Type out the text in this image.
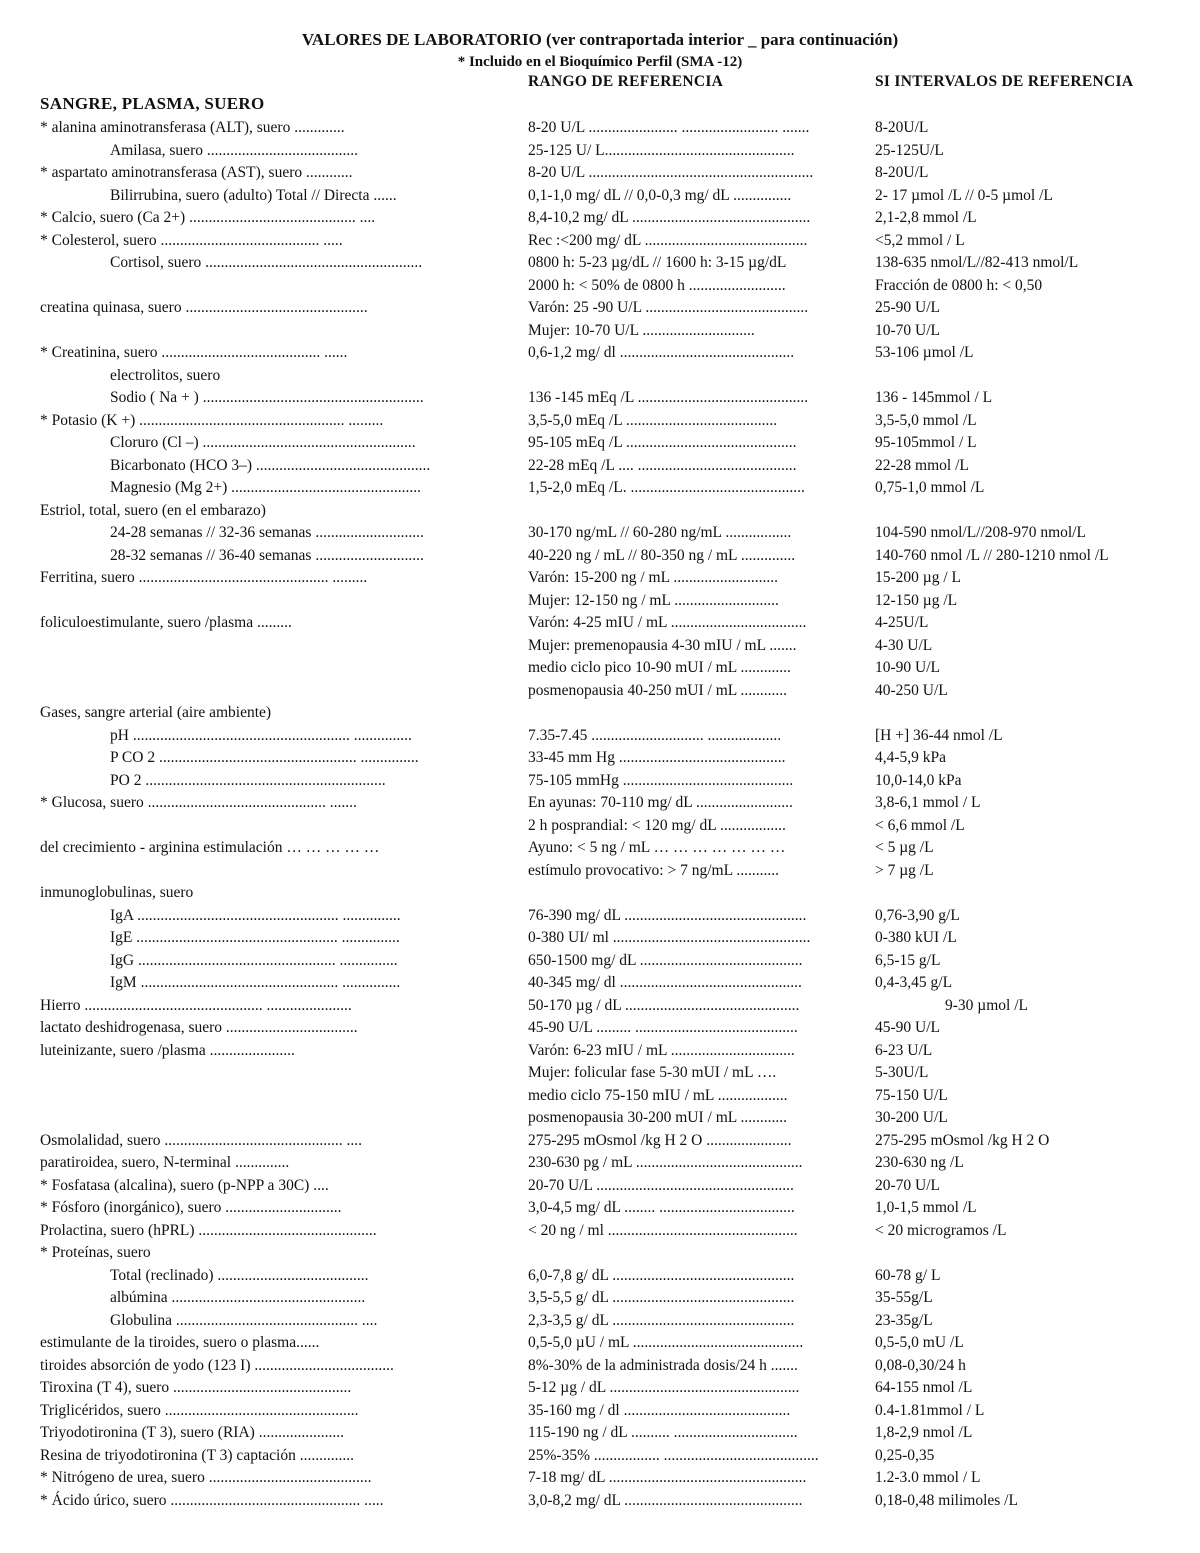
VALORES DE LABORATORIO (ver contraportada interior _ para continuación)
* Incluido en el Bioquímico Perfil (SMA -12)
RANGO DE REFERENCIA	SI INTERVALOS DE REFERENCIA
SANGRE, PLASMA, SUERO
* alanina aminotransferasa (ALT), suero .............	8-20 U/L ....................... ......................... .......	8-20U/L
Amilasa, suero .......................................	25-125 U/ L.................................................	25-125U/L
* aspartato aminotransferasa (AST), suero ............	8-20 U/L ..........................................................	8-20U/L
Bilirrubina, suero (adulto) Total // Directa ......	0,1-1,0 mg/ dL // 0,0-0,3 mg/ dL ...............	2- 17 µmol /L // 0-5 µmol /L
* Calcio, suero (Ca 2+) ........................................... ....	8,4-10,2 mg/ dL ..............................................	2,1-2,8 mmol /L
* Colesterol, suero ......................................... .....	Rec :<200 mg/ dL ..........................................	<5,2 mmol / L
Cortisol, suero ........................................................	0800 h: 5-23 µg/dL // 1600 h: 3-15 µg/dL	138-635 nmol/L//82-413 nmol/L
2000 h: < 50% de 0800 h .........................	Fracción de 0800 h: < 0,50
creatina quinasa, suero ...............................................	Varón: 25 -90 U/L ..........................................	25-90 U/L
Mujer: 10-70 U/L .............................	10-70 U/L
* Creatinina, suero ......................................... ......	0,6-1,2 mg/ dl .............................................	53-106 µmol /L
electrolitos, suero
Sodio ( Na + ) .........................................................	136 -145 mEq /L ............................................	136 - 145mmol / L
* Potasio (K +) ..................................................... .........	3,5-5,0 mEq /L .......................................	3,5-5,0 mmol /L
Cloruro (Cl –) .......................................................	95-105 mEq /L ............................................	95-105mmol / L
Bicarbonato (HCO 3–) .............................................	22-28 mEq /L .... .........................................	22-28 mmol /L
Magnesio (Mg 2+) .................................................	1,5-2,0 mEq /L. .............................................	0,75-1,0 mmol /L
Estriol, total, suero (en el embarazo)
24-28 semanas // 32-36 semanas ............................	30-170 ng/mL // 60-280 ng/mL .................	104-590 nmol/L//208-970 nmol/L
28-32 semanas // 36-40 semanas ............................	40-220 ng / mL // 80-350 ng / mL ..............	140-760 nmol /L // 280-1210 nmol /L
Ferritina, suero ................................................. .........	Varón: 15-200 ng / mL ...........................	15-200 µg / L
Mujer: 12-150 ng / mL ...........................	12-150 µg /L
foliculoestimulante, suero /plasma .........	Varón: 4-25 mIU / mL ...................................	4-25U/L
Mujer: premenopausia 4-30 mIU / mL .......	4-30 U/L
medio ciclo pico 10-90 mUI / mL .............	10-90 U/L
posmenopausia 40-250 mUI / mL ............	40-250 U/L
Gases, sangre arterial (aire ambiente)
pH ........................................................ ...............	7.35-7.45 ............................. ...................	[H +] 36-44 nmol /L
P CO 2 ................................................... ...............	33-45 mm Hg ...........................................	4,4-5,9 kPa
PO 2 ..............................................................	75-105 mmHg ............................................	10,0-14,0 kPa
* Glucosa, suero .............................................. .......	En ayunas: 70-110 mg/ dL .........................	3,8-6,1 mmol / L
2 h posprandial: < 120 mg/ dL .................	< 6,6 mmol /L
del crecimiento - arginina estimulación … … … … …	Ayuno: < 5 ng / mL … … … … … … …	< 5 µg /L
estímulo provocativo: > 7 ng/mL ...........	> 7 µg /L
inmunoglobulinas, suero
IgA .................................................... ...............	76-390 mg/ dL ...............................................	0,76-3,90 g/L
IgE .................................................... ...............	0-380 UI/ ml ...................................................	0-380 kUI /L
IgG ................................................... ...............	650-1500 mg/ dL ..........................................	6,5-15 g/L
IgM ................................................... ...............	40-345 mg/ dl ...............................................	0,4-3,45 g/L
Hierro .............................................. ......................	50-170 µg / dL .............................................	9-30 µmol /L
lactato deshidrogenasa, suero ..................................	45-90 U/L ......... ..........................................	45-90 U/L
luteinizante, suero /plasma ......................	Varón: 6-23 mIU / mL ................................	6-23 U/L
Mujer: folicular fase 5-30 mUI / mL ….	5-30U/L
medio ciclo 75-150 mIU / mL ..................	75-150 U/L
posmenopausia 30-200 mUI / mL ............	30-200 U/L
Osmolalidad, suero .............................................. ....	275-295 mOsmol /kg H 2 O ......................	275-295 mOsmol /kg H 2 O
paratiroidea, suero, N-terminal ..............	230-630 pg / mL ...........................................	230-630 ng /L
* Fosfatasa (alcalina), suero (p-NPP a 30C) ....	20-70 U/L ...................................................	20-70 U/L
* Fósforo (inorgánico), suero ..............................	3,0-4,5 mg/ dL ........ ...................................	1,0-1,5 mmol /L
Prolactina, suero (hPRL) ..............................................	< 20 ng / ml .................................................	< 20 microgramos /L
* Proteínas, suero
Total (reclinado) .......................................	6,0-7,8 g/ dL ...............................................	60-78 g/ L
albúmina ..................................................	3,5-5,5 g/ dL ...............................................	35-55g/L
Globulina ............................................... ....	2,3-3,5 g/ dL ...............................................	23-35g/L
estimulante de la tiroides, suero o plasma......	0,5-5,0 µU / mL ............................................	0,5-5,0 mU /L
tiroides absorción de yodo (123 I) ....................................	8%-30% de la administrada dosis/24 h .......	0,08-0,30/24 h
Tiroxina (T 4), suero ..............................................	5-12 µg / dL .................................................	64-155 nmol /L
Triglicéridos, suero ..................................................	35-160 mg / dl ...........................................	0.4-1.81mmol / L
Triyodotironina (T 3), suero (RIA) ......................	115-190 ng / dL .......... ................................	1,8-2,9 nmol /L
Resina de triyodotironina (T 3) captación ..............	25%-35% ................. ........................................	0,25-0,35
* Nitrógeno de urea, suero ..........................................	7-18 mg/ dL ...................................................	1.2-3.0 mmol / L
* Ácido úrico, suero ................................................. .....	3,0-8,2 mg/ dL ..............................................	0,18-0,48 milimoles /L
